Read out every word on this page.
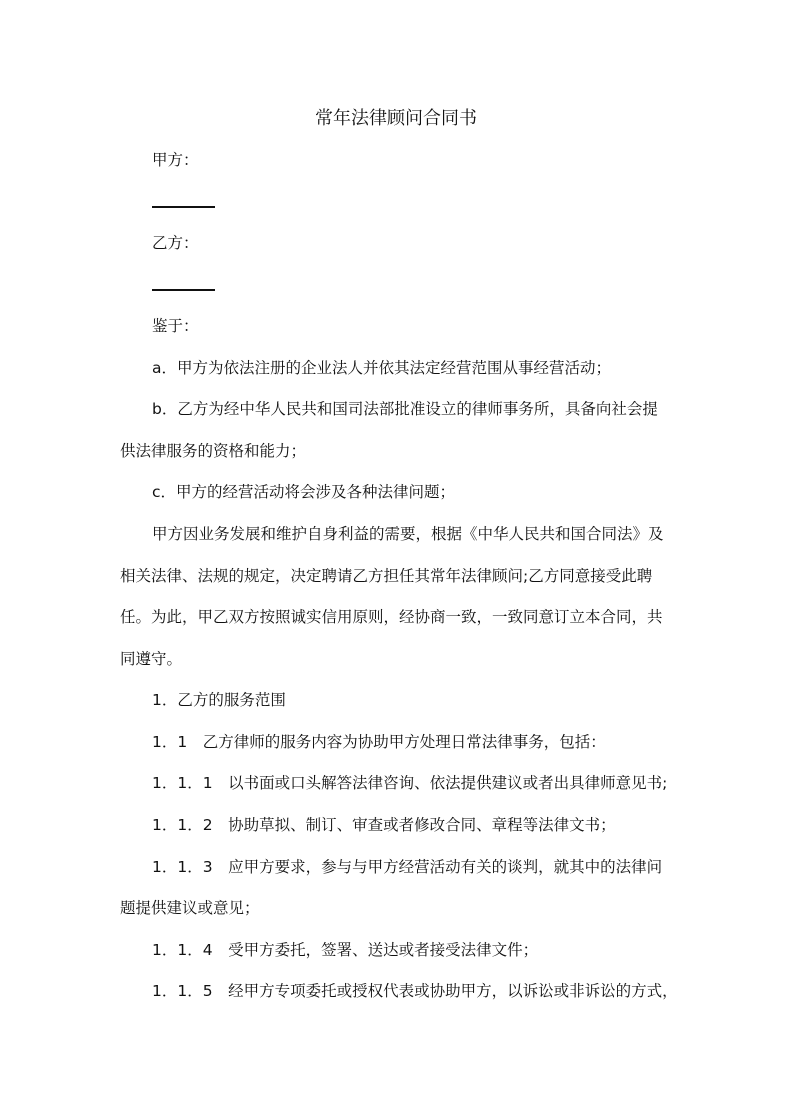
常年法律顾问合同书
甲方：
乙方：
鉴于：
a．甲方为依法注册的企业法人并依其法定经营范围从事经营活动；
b．乙方为经中华人民共和国司法部批准设立的律师事务所，具备向社会提
供法律服务的资格和能力；
c．甲方的经营活动将会涉及各种法律问题；
甲方因业务发展和维护自身利益的需要，根据《中华人民共和国合同法》及
相关法律、法规的规定，决定聘请乙方担任其常年法律顾问;乙方同意接受此聘
任。为此，甲乙双方按照诚实信用原则，经协商一致，一致同意订立本合同，共
同遵守。
1．乙方的服务范围
1．1　乙方律师的服务内容为协助甲方处理日常法律事务，包括：
1．1．1　以书面或口头解答法律咨询、依法提供建议或者出具律师意见书;
1．1．2　协助草拟、制订、审查或者修改合同、章程等法律文书；
1．1．3　应甲方要求，参与与甲方经营活动有关的谈判，就其中的法律问
题提供建议或意见；
1．1．4　受甲方委托，签署、送达或者接受法律文件；
1．1．5　经甲方专项委托或授权代表或协助甲方，以诉讼或非诉讼的方式，
